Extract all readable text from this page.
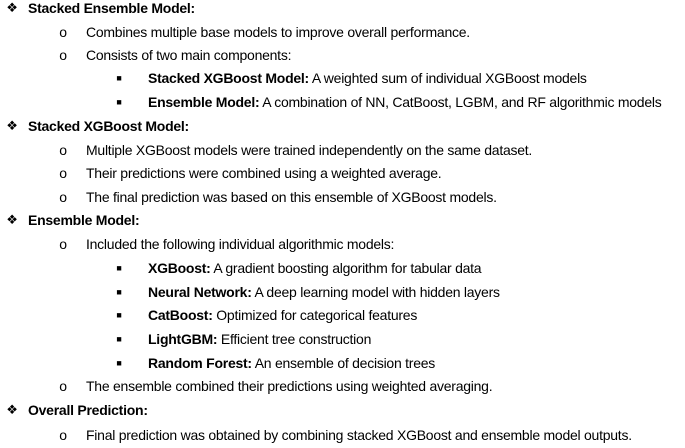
❖ Stacked Ensemble Model:
o Combines multiple base models to improve overall performance.
o Consists of two main components:
■ Stacked XGBoost Model: A weighted sum of individual XGBoost models
■ Ensemble Model: A combination of NN, CatBoost, LGBM, and RF algorithmic models
❖ Stacked XGBoost Model:
o Multiple XGBoost models were trained independently on the same dataset.
o Their predictions were combined using a weighted average.
o The final prediction was based on this ensemble of XGBoost models.
❖ Ensemble Model:
o Included the following individual algorithmic models:
■ XGBoost: A gradient boosting algorithm for tabular data
■ Neural Network: A deep learning model with hidden layers
■ CatBoost: Optimized for categorical features
■ LightGBM: Efficient tree construction
■ Random Forest: An ensemble of decision trees
o The ensemble combined their predictions using weighted averaging.
❖ Overall Prediction:
o Final prediction was obtained by combining stacked XGBoost and ensemble model outputs.
